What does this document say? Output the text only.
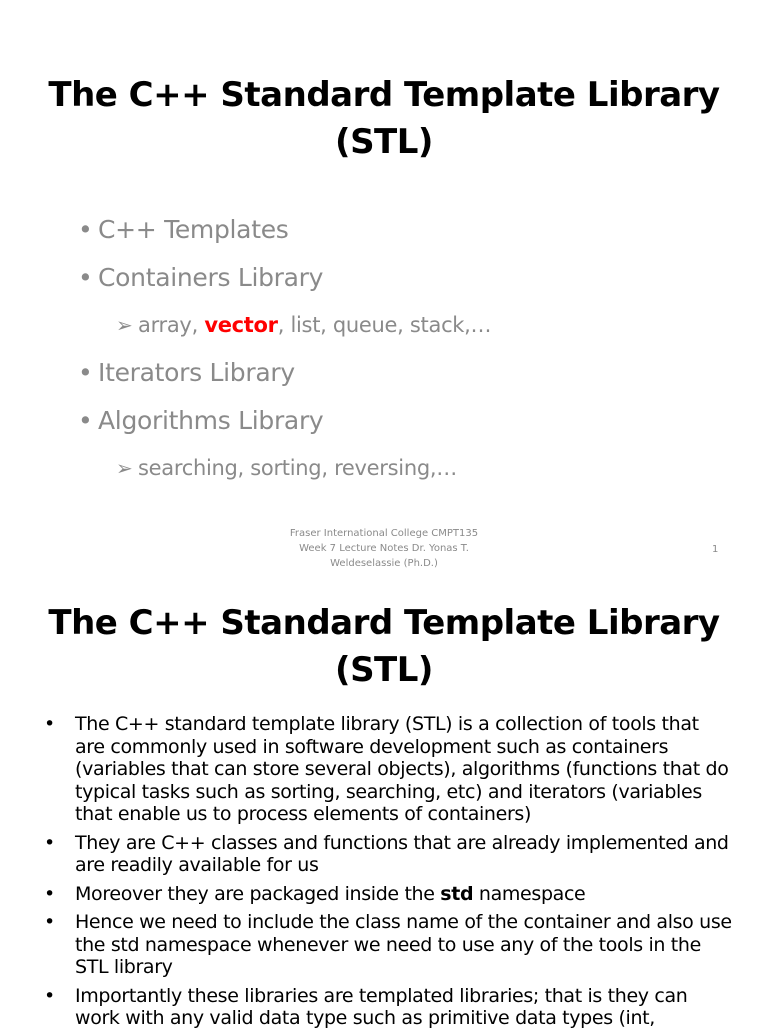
The C++ Standard Template Library
(STL)
• C++ Templates
• Containers Library
➢ array, vector, list, queue, stack,…
• Iterators Library
• Algorithms Library
➢ searching, sorting, reversing,…
Fraser International College CMPT135
Week 7 Lecture Notes Dr. Yonas T.
Weldeselassie (Ph.D.)
1
The C++ Standard Template Library
(STL)
• The C++ standard template library (STL) is a collection of tools that are commonly used in software development such as containers (variables that can store several objects), algorithms (functions that do typical tasks such as sorting, searching, etc) and iterators (variables that enable us to process elements of containers)
• They are C++ classes and functions that are already implemented and are readily available for us
• Moreover they are packaged inside the std namespace
• Hence we need to include the class name of the container and also use the std namespace whenever we need to use any of the tools in the STL library
• Importantly these libraries are templated libraries; that is they can work with any valid data type such as primitive data types (int,
